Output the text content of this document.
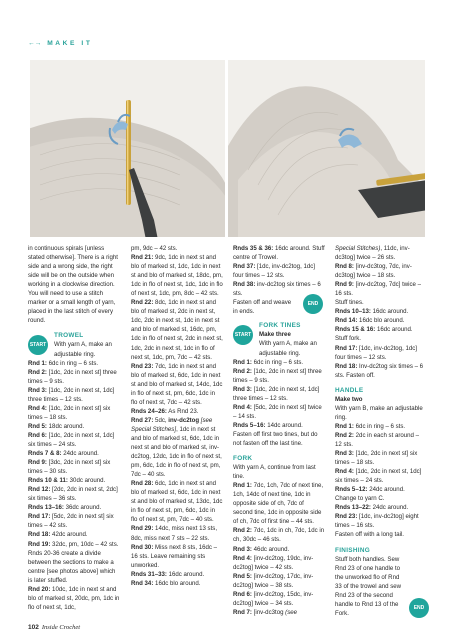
←→ MAKE IT

in continuous spirals [unless stated otherwise]. There is a right side and a wrong side, the right side will be on the outside when working in a clockwise direction. You will need to use a stitch marker or a small length of yarn, placed in the last stitch of every round.

START

TROWEL

With yarn A, make an adjustable ring.

Rnd 1: 6dc in ring – 6 sts.

Rnd 2: [1dc, 2dc in next st] three times – 9 sts.

Rnd 3: [1dc, 2dc in next st, 1dc] three times – 12 sts.

Rnd 4: [1dc, 2dc in next st] six times – 18 sts.

Rnd 5: 18dc around.

Rnd 6: [1dc, 2dc in next st, 1dc] six times – 24 sts.

Rnds 7 & 8: 24dc around.

Rnd 9: [3dc, 2dc in next st] six times – 30 sts.

Rnds 10 & 11: 30dc around.

Rnd 12: [2dc, 2dc in next st, 2dc] six times – 36 sts.

Rnds 13–16: 36dc around.

Rnd 17: [5dc, 2dc in next st] six times – 42 sts.

Rnd 18: 42dc around.

Rnd 19: 32dc, pm, 10dc – 42 sts.

Rnds 20-36 create a divide between the sections to make a centre [see photos above] which is later stuffed.

Rnd 20: 10dc, 1dc in next st and blo of marked st, 20dc, pm, 1dc in flo of next st, 1dc,

pm, 9dc – 42 sts.

Rnd 21: 9dc, 1dc in next st and blo of marked st, 1dc, 1dc in next st and blo of marked st, 18dc, pm, 1dc in flo of next st, 1dc, 1dc in flo of next st, 1dc, pm, 8dc – 42 sts.

Rnd 22: 8dc, 1dc in next st and blo of marked st, 2dc in next st, 1dc, 2dc in next st, 1dc in next st and blo of marked st, 16dc, pm, 1dc in flo of next st, 2dc in next st, 1dc, 2dc in next st, 1dc in flo of next st, 1dc, pm, 7dc – 42 sts.

Rnd 23: 7dc, 1dc in next st and blo of marked st, 6dc, 1dc in next st and blo of marked st, 14dc, 1dc in flo of next st, pm, 6dc, 1dc in flo of next st, 7dc – 42 sts.

Rnds 24–26: As Rnd 23.

Rnd 27: 5dc, inv-dc2tog [see Special Stitches], 1dc in next st and blo of marked st, 6dc, 1dc in next st and blo of marked st, inv-dc2tog, 12dc, 1dc in flo of next st, pm, 6dc, 1dc in flo of next st, pm, 7dc – 40 sts.

Rnd 28: 6dc, 1dc in next st and blo of marked st, 6dc, 1dc in next st and blo of marked st, 13dc, 1dc in flo of next st, pm, 6dc, 1dc in flo of next st, pm, 7dc – 40 sts.

Rnd 29: 14dc, miss next 13 sts, 8dc, miss next 7 sts – 22 sts.

Rnd 30: Miss next 8 sts, 16dc – 16 sts. Leave remaining sts unworked.

Rnds 31–33: 16dc around.

Rnd 34: 16dc blo around.

Rnds 35 & 36: 16dc around. Stuff centre of Trowel.

Rnd 37: [1dc, inv-dc2tog, 1dc] four times – 12 sts.

Rnd 38: inv-dc2tog six times – 6 sts.

Fasten off and weave in ends.

END
START

FORK TINES

Make three

With yarn A, make an adjustable ring.

Rnd 1: 6dc in ring – 6 sts.

Rnd 2: [1dc, 2dc in next st] three times – 9 sts.

Rnd 3: [1dc, 2dc in next st, 1dc] three times – 12 sts.

Rnd 4: [5dc, 2dc in next st] twice – 14 sts.

Rnds 5–16: 14dc around.

Fasten off first two tines, but do not fasten off the last tine.

FORK

With yarn A, continue from last tine.

Rnd 1: 7dc, 1ch, 7dc of next tine, 1ch, 14dc of next tine, 1dc in opposite side of ch, 7dc of second tine, 1dc in opposite side of ch, 7dc of first tine – 44 sts.

Rnd 2: 7dc, 1dc in ch, 7dc, 1dc in ch, 30dc – 46 sts.

Rnd 3: 46dc around.

Rnd 4: [inv-dc2tog, 19dc, inv-dc2tog] twice – 42 sts.

Rnd 5: [inv-dc2tog, 17dc, inv-dc2tog] twice – 38 sts.

Rnd 6: [inv-dc2tog, 15dc, inv-dc2tog] twice – 34 sts.

Rnd 7: [inv-dc3tog (see

Special Stitches), 11dc, inv-dc3tog] twice – 26 sts.

Rnd 8: [inv-dc3tog, 7dc, inv-dc3tog] twice – 18 sts.

Rnd 9: [inv-dc2tog, 7dc] twice – 16 sts.

Stuff tines.

Rnds 10–13: 16dc around.

Rnd 14: 16dc blo around.

Rnds 15 & 16: 16dc around.

Stuff fork.

Rnd 17: [1dc, inv-dc2tog, 1dc] four times – 12 sts.

Rnd 18: Inv-dc2tog six times – 6 sts. Fasten off.

HANDLE

Make two

With yarn B, make an adjustable ring.

Rnd 1: 6dc in ring – 6 sts.

Rnd 2: 2dc in each st around – 12 sts.

Rnd 3: [1dc, 2dc in next st] six times – 18 sts.

Rnd 4: [1dc, 2dc in next st, 1dc] six times – 24 sts.

Rnds 5–12: 24dc around.

Change to yarn C.

Rnds 13–22: 24dc around.

Rnd 23: [1dc, inv-dc2tog] eight times – 16 sts.

Fasten off with a long tail.

FINISHING

Stuff both handles. Sew Rnd 23 of one handle to the unworked flo of Rnd 33 of the trowel and sew Rnd 23 of the second handle to Rnd 13 of the Fork.

END
102 Inside Crochet
